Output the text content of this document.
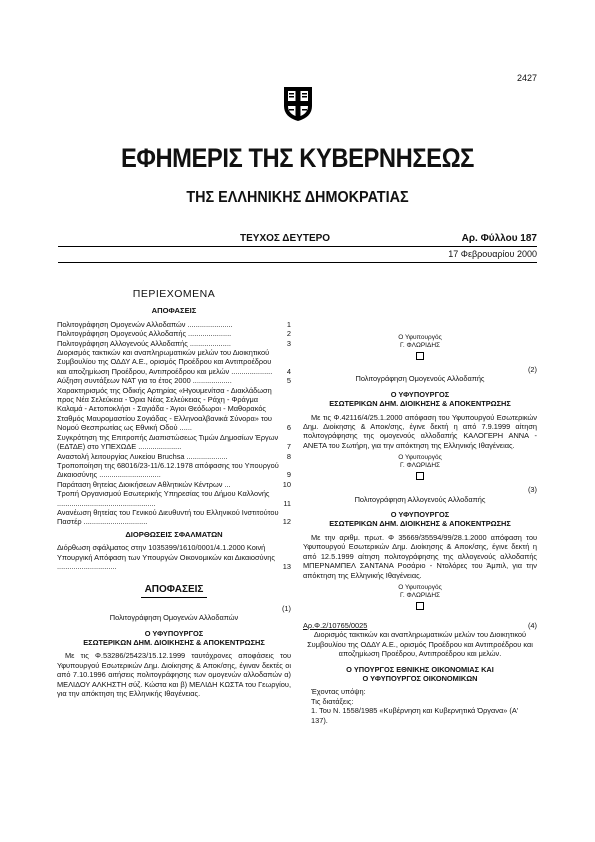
2427
ΕΦΗΜΕΡΙΣ ΤΗΣ ΚΥΒΕΡΝΗΣΕΩΣ
ΤΗΣ ΕΛΛΗΝΙΚΗΣ ΔΗΜΟΚΡΑΤΙΑΣ
ΤΕΥΧΟΣ ΔΕΥΤΕΡΟ	Αρ. Φύλλου 187
17 Φεβρουαρίου 2000
ΠΕΡΙΕΧΟΜΕΝΑ
ΑΠΟΦΑΣΕΙΣ
Πολιτογράφηση Ομογενών Αλλοδαπών ......................	1
Πολιτογράφηση Ομογενούς Αλλοδαπής .....................	2
Πολιτογράφηση Αλλογενούς Αλλοδαπής ....................	3
Διορισμός τακτικών και αναπληρωματικών μελών του Διοικητικού Συμβουλίου της ΟΔΔΥ Α.Ε., ορισμός Προέδρου και Αντιπροέδρου και αποζημίωση Προέδρου, Αντιπροέδρου και μελών ....................	4
Αύξηση συντάξεων ΝΑΤ για το έτος 2000 ...................	5
Χαρακτηρισμός της Οδικής Αρτηρίας «Ηγουμενίτσα - Διακλάδωση προς Νέα Σελεύκεια - Όρια Νέας Σελεύκειας - Ράχη - Φράγμα Καλαμά - Αετοποκλήσι - Σαγιάδα - Άγιοι Θεόδωροι - Μαθορακός Σταθμός Μαυρομαστίου Σογιάδας - Ελληνοαλβανικά Σύνορα» του Νομού Θεσπρωτίας ως Εθνική Οδού ......	6
Συγκρότηση της Επιτροπής Διαπιστώσεως Τιμών Δημοσίων Έργων (ΕΔΤΔΕ) στο ΥΠΕΧΩΔΕ .....................	7
Αναστολή λειτουργίας Λυκείου Bruchsa ....................	8
Τροποποίηση της 68016/23-11/6.12.1978 απόφασης του Υπουργού Δικαιοσύνης ..............................	9
Παράταση θητείας Διοικήσεων Αθλητικών Κέντρων ...	10
Τροπή Οργανισμού Εσωτερικής Υπηρεσίας του Δήμου Καλλονής ................................................	11
Ανανέωση θητείας του Γενικού Διευθυντή του Ελληνικού Ινστιτούτου Παστέρ ...............................	12
ΔΙΟΡΘΩΣΕΙΣ ΣΦΑΛΜΑΤΩΝ
Διόρθωση σφάλματος στην 1035399/1610/0001/4.1.2000 Κοινή Υπουργική Απόφαση των Υπουργών Οικονομικών και Δικαιοσύνης .............................	13
ΑΠΟΦΑΣΕΙΣ
(1)
Πολιτογράφηση Ομογενών Αλλοδαπών
Ο ΥΦΥΠΟΥΡΓΟΣ
ΕΣΩΤΕΡΙΚΩΝ ΔΗΜ. ΔΙΟΙΚΗΣΗΣ & ΑΠΟΚΕΝΤΡΩΣΗΣ
Με τις Φ.53286/25423/15.12.1999 ταυτόχρονες αποφάσεις του Υφυπουργού Εσωτερικών Δημ. Διοίκησης & Αποκ/σης, έγιναν δεκτές οι από 7.10.1996 αιτήσεις πολιτογράφησης των ομογενών αλλοδαπών α) ΜΕΛΙΔΟΥ ΑΛΚΗΣΤΗ σύζ. Κώστα και β) ΜΕΛΙΔΗ ΚΩΣΤΑ του Γεωργίου, για την απόκτηση της Ελληνικής Ιθαγένειας.
Ο Υφυπουργός
Γ. ΦΛΩΡΙΔΗΣ
(2)
Πολιτογράφηση Ομογενούς Αλλοδαπής
Ο ΥΦΥΠΟΥΡΓΟΣ
ΕΣΩΤΕΡΙΚΩΝ ΔΗΜ. ΔΙΟΙΚΗΣΗΣ & ΑΠΟΚΕΝΤΡΩΣΗΣ
Με τις Φ.42116/4/25.1.2000 απόφαση του Υφυπουργού Εσωτερικών Δημ. Διοίκησης & Αποκ/σης, έγινε δεκτή η από 7.9.1999 αίτηση πολιτογράφησης της ομογενούς αλλοδαπής ΚΑΛΟΓΕΡΗ ΑΝΝΑ - ΑΝΕΤΑ του Σωτήρη, για την απόκτηση της Ελληνικής Ιθαγένειας.
Ο Υφυπουργός
Γ. ΦΛΩΡΙΔΗΣ
(3)
Πολιτογράφηση Αλλογενούς Αλλοδαπής
Ο ΥΦΥΠΟΥΡΓΟΣ
ΕΣΩΤΕΡΙΚΩΝ ΔΗΜ. ΔΙΟΙΚΗΣΗΣ & ΑΠΟΚΕΝΤΡΩΣΗΣ
Με την αριθμ. πρωτ. Φ 35669/35594/99/28.1.2000 απόφαση του Υφυπουργού Εσωτερικών Δημ. Διοίκησης & Αποκ/σης, έγινε δεκτή η από 12.5.1999 αίτηση πολιτογράφησης της αλλογενούς αλλοδαπής ΜΠΕΡΝΑΜΠΕΛ ΣΑΝΤΑΝΑ Ροσάριο - Ντολόρες του Άμπιλ, για την απόκτηση της Ελληνικής Ιθαγένειας.
Ο Υφυπουργός
Γ. ΦΛΩΡΙΔΗΣ
Αρ.Φ.2/10765/0025	(4)
Διορισμός τακτικών και αναπληρωματικών μελών του Διοικητικού Συμβουλίου της ΟΔΔΥ Α.Ε., ορισμός Προέδρου και Αντιπροέδρου και αποζημίωση Προέδρου, Αντιπροέδρου και μελών.
Ο ΥΠΟΥΡΓΟΣ ΕΘΝΙΚΗΣ ΟΙΚΟΝΟΜΙΑΣ ΚΑΙ
Ο ΥΦΥΠΟΥΡΓΟΣ ΟΙΚΟΝΟΜΙΚΩΝ
Έχοντας υπόψη:
Τις διατάξεις:
1. Του Ν. 1558/1985 «Κυβέρνηση και Κυβερνητικά Όργανα» (Α' 137).
